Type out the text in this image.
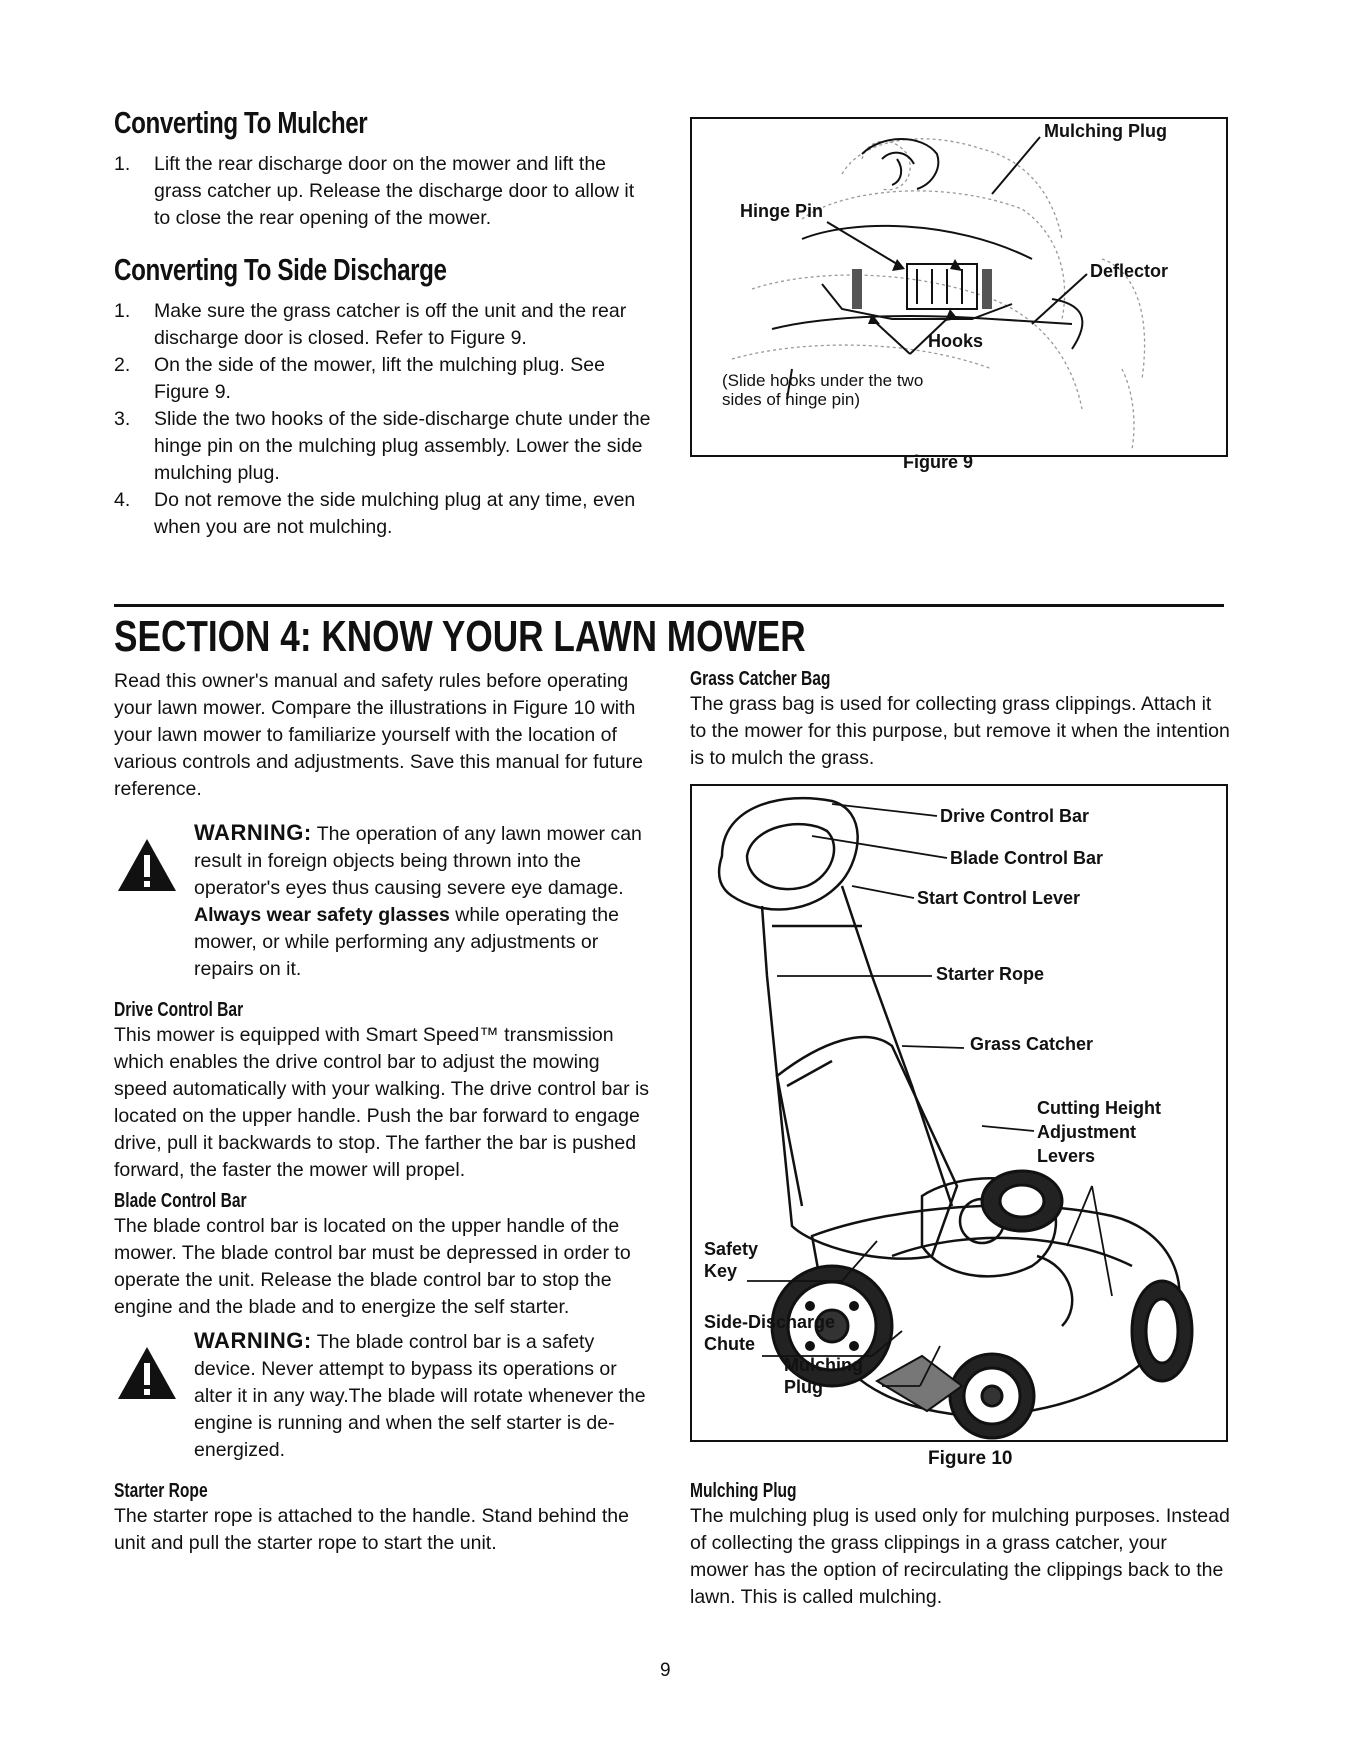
Converting To Mulcher
1. Lift the rear discharge door on the mower and lift the grass catcher up. Release the discharge door to allow it to close the rear opening of the mower.
Converting To Side Discharge
1. Make sure the grass catcher is off the unit and the rear discharge door is closed. Refer to Figure 9.
2. On the side of the mower, lift the mulching plug. See Figure 9.
3. Slide the two hooks of the side-discharge chute under the hinge pin on the mulching plug assembly. Lower the side mulching plug.
4. Do not remove the side mulching plug at any time, even when you are not mulching.
Mulching Plug
Hinge Pin
Deflector
Hooks
(Slide hooks under the two
sides of hinge pin)
Figure 9
SECTION 4: KNOW YOUR LAWN MOWER

Read this owner's manual and safety rules before operating your lawn mower. Compare the illustrations in Figure 10 with your lawn mower to familiarize yourself with the location of various controls and adjustments. Save this manual for future reference.

WARNING: The operation of any lawn mower can result in foreign objects being thrown into the operator's eyes thus causing severe eye damage. Always wear safety glasses while operating the mower, or while performing any adjustments or repairs on it.

Drive Control Bar

This mower is equipped with Smart Speed™ transmission which enables the drive control bar to adjust the mowing speed automatically with your walking. The drive control bar is located on the upper handle. Push the bar forward to engage drive, pull it backwards to stop. The farther the bar is pushed forward, the faster the mower will propel.

Blade Control Bar

The blade control bar is located on the upper handle of the mower. The blade control bar must be depressed in order to operate the unit. Release the blade control bar to stop the engine and the blade and to energize the self starter.

WARNING: The blade control bar is a safety device. Never attempt to bypass its operations or alter it in any way.The blade will rotate whenever the engine is running and when the self starter is de-energized.

Starter Rope

The starter rope is attached to the handle. Stand behind the unit and pull the starter rope to start the unit.

Grass Catcher Bag

The grass bag is used for collecting grass clippings. Attach it to the mower for this purpose, but remove it when the intention is to mulch the grass.

Drive Control Bar
Blade Control Bar
Start Control Lever
Starter Rope
Grass Catcher
Cutting Height
Adjustment
Levers
Safety
Key
Side-Discharge
Chute
Mulching
Plug
Figure 10
Mulching Plug

The mulching plug is used only for mulching purposes. Instead of collecting the grass clippings in a grass catcher, your mower has the option of recirculating the clippings back to the lawn. This is called mulching.

9
